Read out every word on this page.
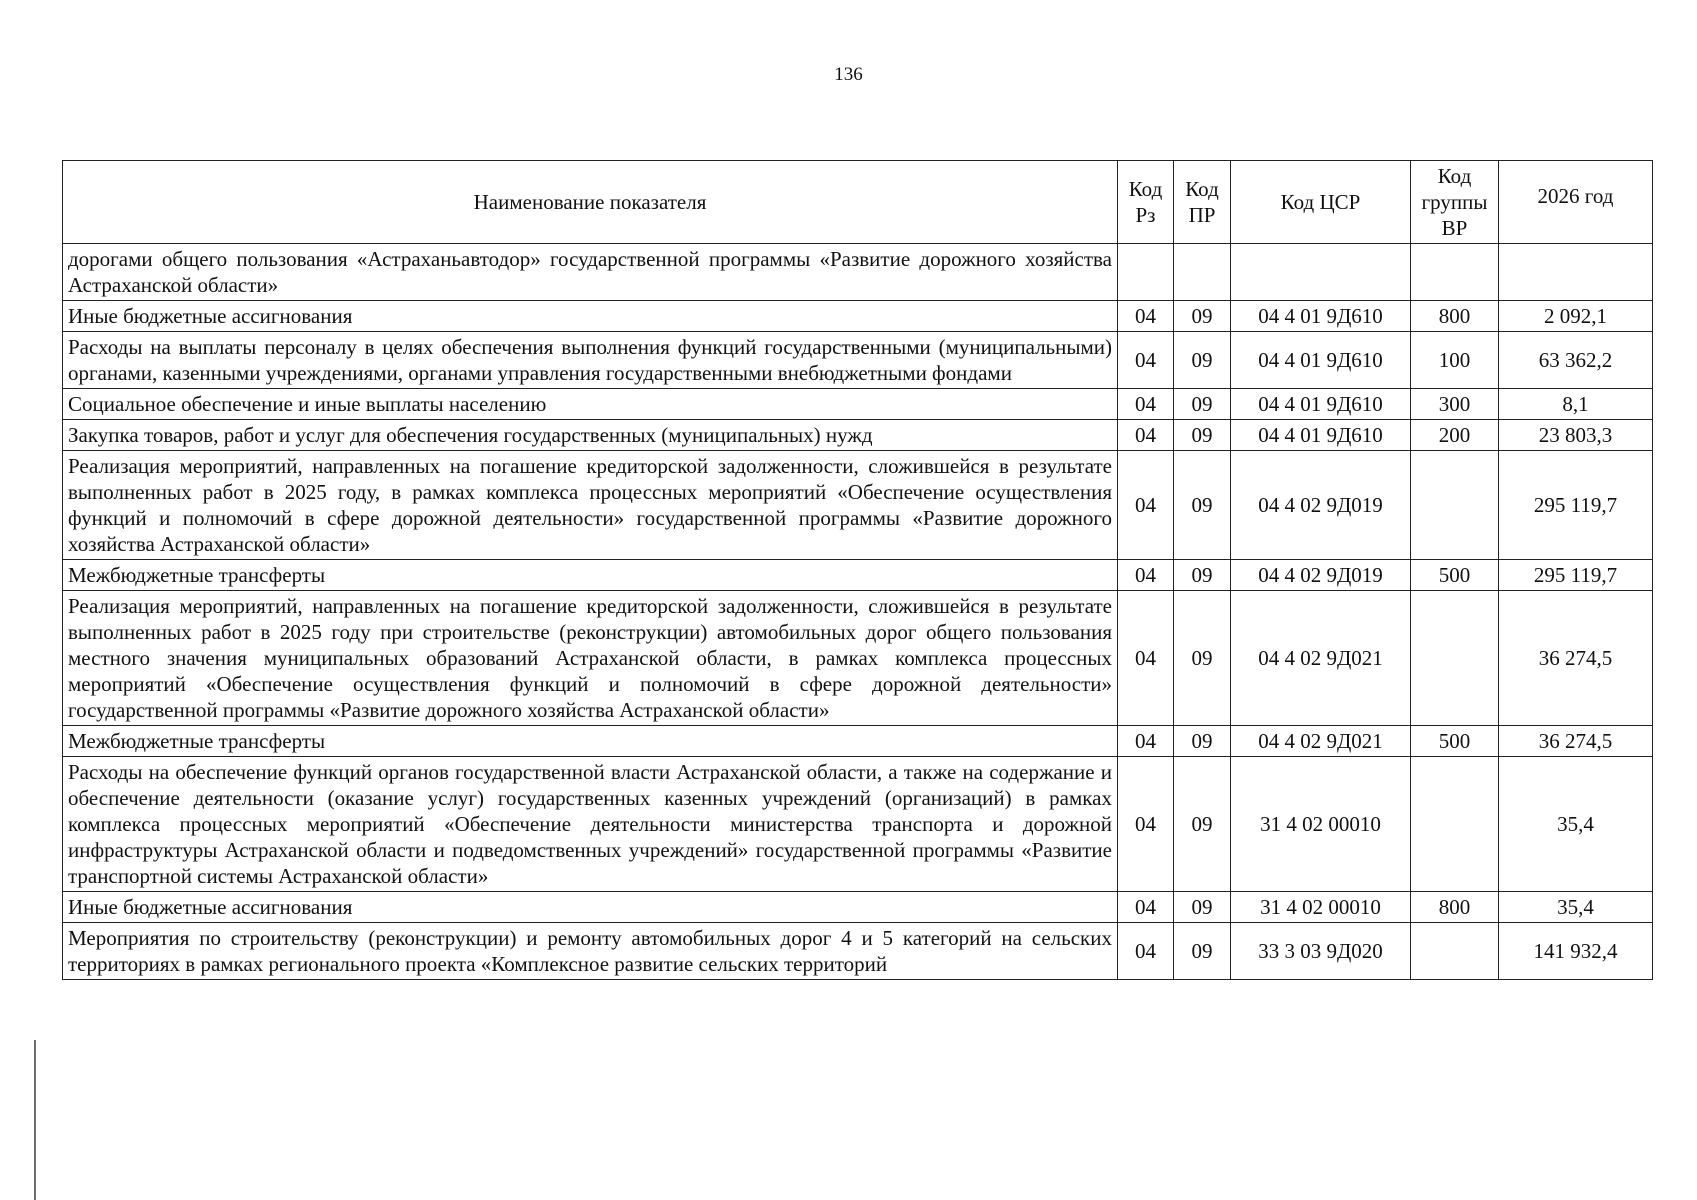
136
Наименование показателя	Код Рз	Код ПР	Код ЦСР	Код группы ВР	2026 год
дорогами общего пользования «Астраханьавтодор» государственной программы «Развитие дорожного хозяйства Астраханской области»					
Иные бюджетные ассигнования	04	09	04 4 01 9Д610	800	2 092,1
Расходы на выплаты персоналу в целях обеспечения выполнения функций государственными (муниципальными) органами, казенными учреждениями, органами управления государственными внебюджетными фондами	04	09	04 4 01 9Д610	100	63 362,2
Социальное обеспечение и иные выплаты населению	04	09	04 4 01 9Д610	300	8,1
Закупка товаров, работ и услуг для обеспечения государственных (муниципальных) нужд	04	09	04 4 01 9Д610	200	23 803,3
Реализация мероприятий, направленных на погашение кредиторской задолженности, сложившейся в результате выполненных работ в 2025 году, в рамках комплекса процессных мероприятий «Обеспечение осуществления функций и полномочий в сфере дорожной деятельности» государственной программы «Развитие дорожного хозяйства Астраханской области»	04	09	04 4 02 9Д019		295 119,7
Межбюджетные трансферты	04	09	04 4 02 9Д019	500	295 119,7
Реализация мероприятий, направленных на погашение кредиторской задолженности, сложившейся в результате выполненных работ в 2025 году при строительстве (реконструкции) автомобильных дорог общего пользования местного значения муниципальных образований Астраханской области, в рамках комплекса процессных мероприятий «Обеспечение осуществления функций и полномочий в сфере дорожной деятельности» государственной программы «Развитие дорожного хозяйства Астраханской области»	04	09	04 4 02 9Д021		36 274,5
Межбюджетные трансферты	04	09	04 4 02 9Д021	500	36 274,5
Расходы на обеспечение функций органов государственной власти Астраханской области, а также на содержание и обеспечение деятельности (оказание услуг) государственных казенных учреждений (организаций) в рамках комплекса процессных мероприятий «Обеспечение деятельности министерства транспорта и дорожной инфраструктуры Астраханской области и подведомственных учреждений» государственной программы «Развитие транспортной системы Астраханской области»	04	09	31 4 02 00010		35,4
Иные бюджетные ассигнования	04	09	31 4 02 00010	800	35,4
Мероприятия по строительству (реконструкции) и ремонту автомобильных дорог 4 и 5 категорий на сельских территориях в рамках регионального проекта «Комплексное развитие сельских территорий	04	09	33 3 03 9Д020		141 932,4
